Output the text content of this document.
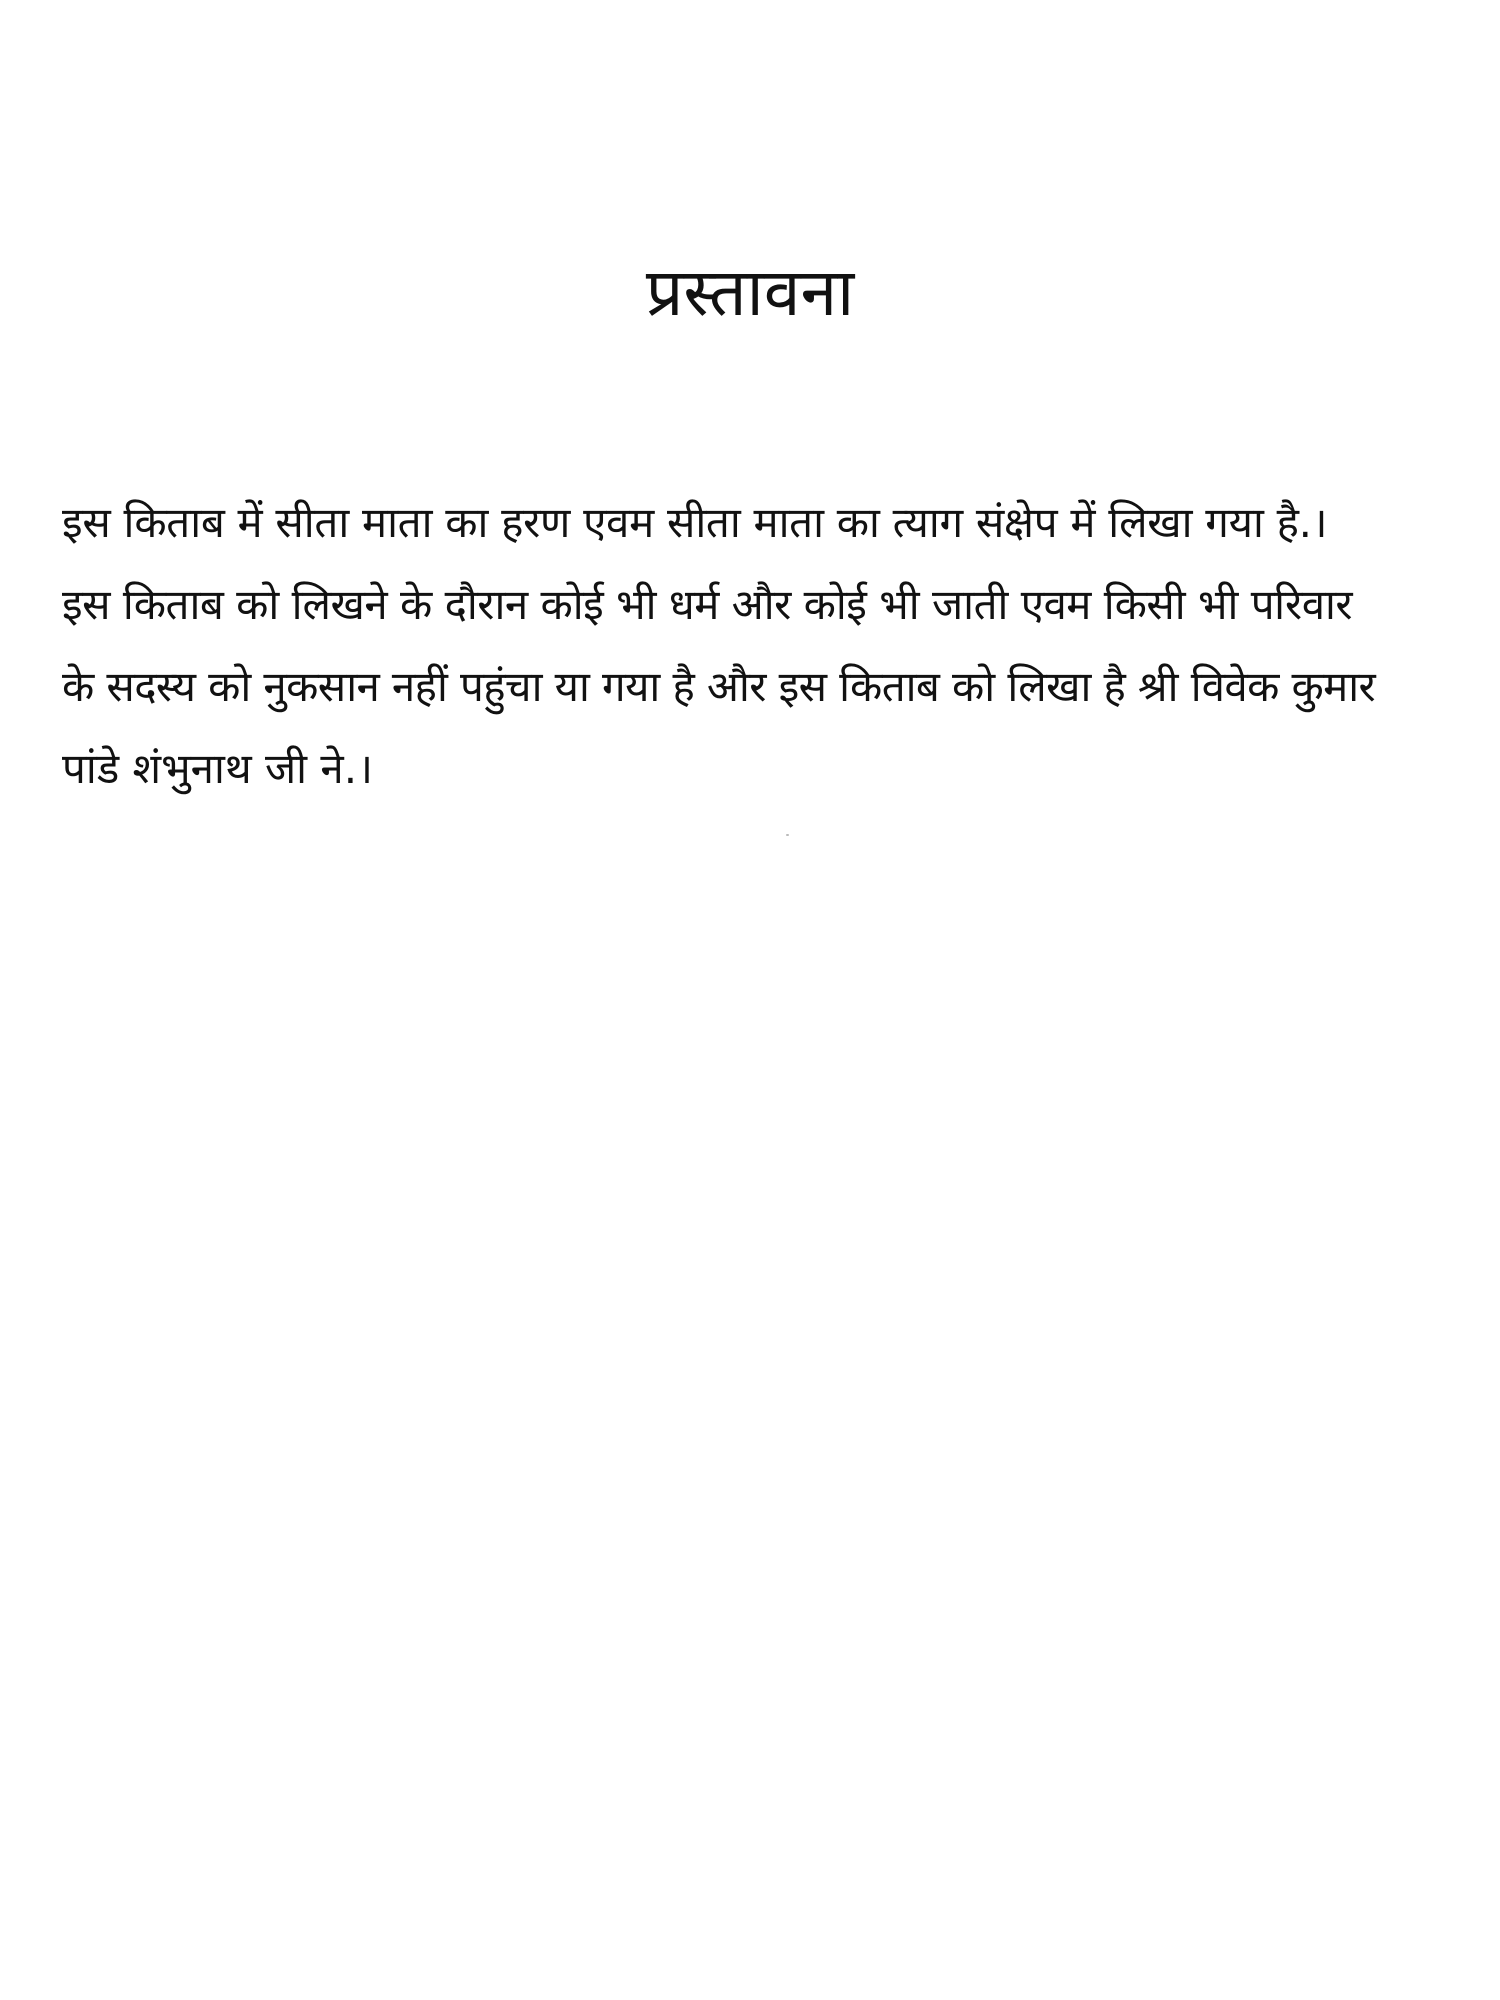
प्रस्तावना

इस किताब में सीता माता का हरण एवम सीता माता का त्याग संक्षेप में लिखा गया है.।
इस किताब को लिखने के दौरान कोई भी धर्म और कोई भी जाती एवम किसी भी परिवार
के सदस्य को नुकसान नहीं पहुंचा या गया है और इस किताब को लिखा है श्री विवेक कुमार
पांडे शंभुनाथ जी ने.।
